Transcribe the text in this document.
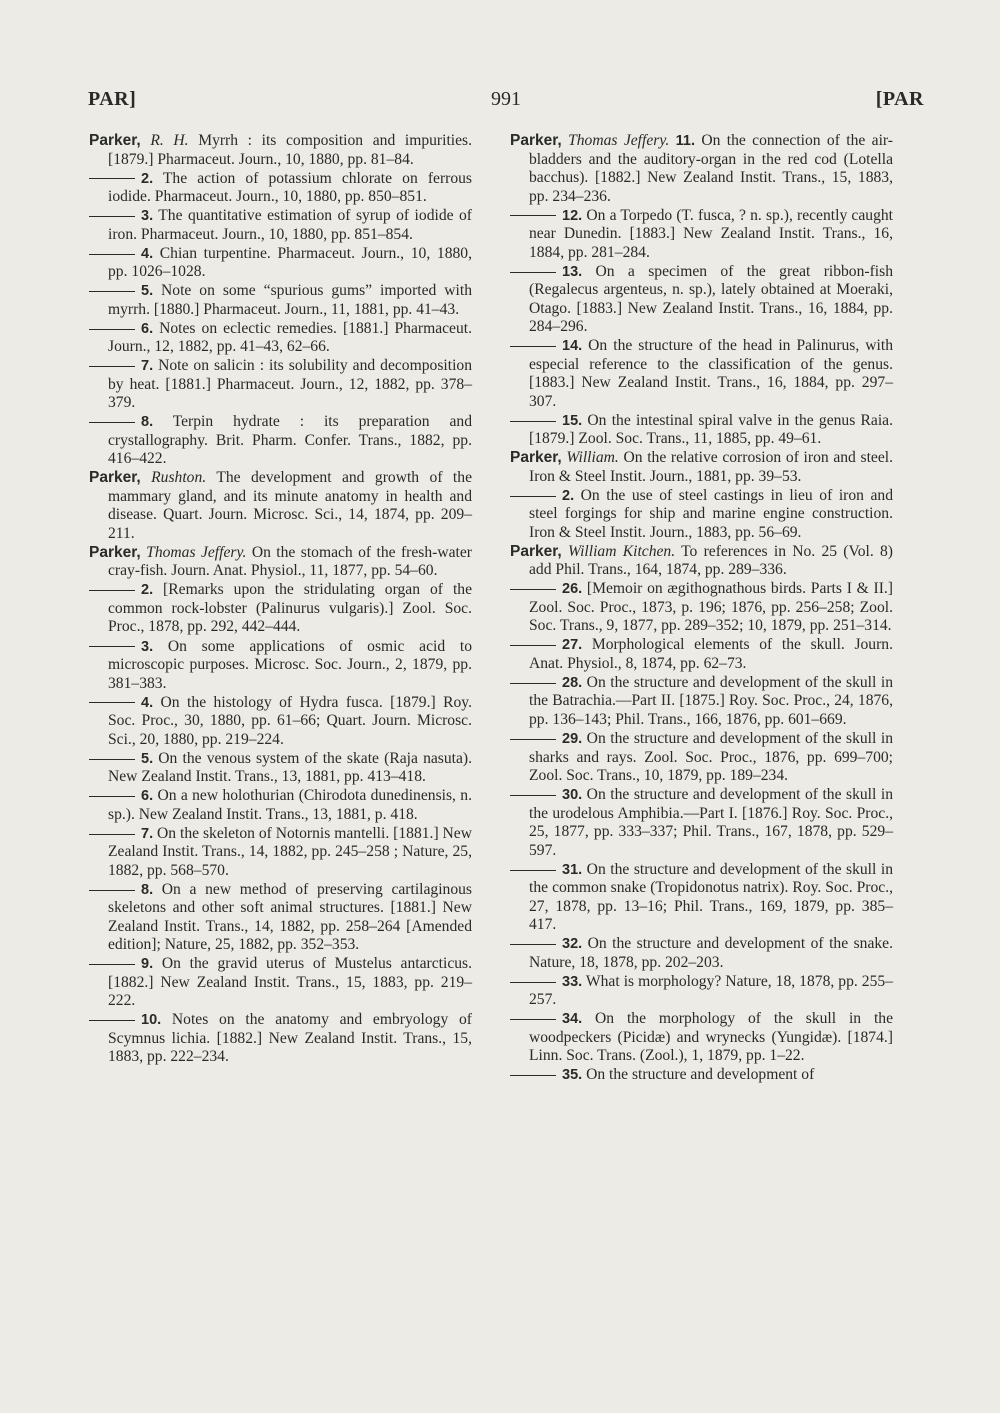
PAR]	991	[PAR

Parker, R. H. Myrrh : its composition and impurities. [1879.] Pharmaceut. Journ., 10, 1880, pp. 81–84.

2. The action of potassium chlorate on ferrous iodide. Pharmaceut. Journ., 10, 1880, pp. 850–851.

3. The quantitative estimation of syrup of iodide of iron. Pharmaceut. Journ., 10, 1880, pp. 851–854.

4. Chian turpentine. Pharmaceut. Journ., 10, 1880, pp. 1026–1028.

5. Note on some “spurious gums” imported with myrrh. [1880.] Pharmaceut. Journ., 11, 1881, pp. 41–43.

6. Notes on eclectic remedies. [1881.] Pharmaceut. Journ., 12, 1882, pp. 41–43, 62–66.

7. Note on salicin : its solubility and decomposition by heat. [1881.] Pharmaceut. Journ., 12, 1882, pp. 378–379.

8. Terpin hydrate : its preparation and crystallography. Brit. Pharm. Confer. Trans., 1882, pp. 416–422.

Parker, Rushton. The development and growth of the mammary gland, and its minute anatomy in health and disease. Quart. Journ. Microsc. Sci., 14, 1874, pp. 209–211.

Parker, Thomas Jeffery. On the stomach of the fresh-water cray-fish. Journ. Anat. Physiol., 11, 1877, pp. 54–60.

2. [Remarks upon the stridulating organ of the common rock-lobster (Palinurus vulgaris).] Zool. Soc. Proc., 1878, pp. 292, 442–444.

3. On some applications of osmic acid to microscopic purposes. Microsc. Soc. Journ., 2, 1879, pp. 381–383.

4. On the histology of Hydra fusca. [1879.] Roy. Soc. Proc., 30, 1880, pp. 61–66; Quart. Journ. Microsc. Sci., 20, 1880, pp. 219–224.

5. On the venous system of the skate (Raja nasuta). New Zealand Instit. Trans., 13, 1881, pp. 413–418.

6. On a new holothurian (Chirodota dunedinensis, n. sp.). New Zealand Instit. Trans., 13, 1881, p. 418.

7. On the skeleton of Notornis mantelli. [1881.] New Zealand Instit. Trans., 14, 1882, pp. 245–258 ; Nature, 25, 1882, pp. 568–570.

8. On a new method of preserving cartilaginous skeletons and other soft animal structures. [1881.] New Zealand Instit. Trans., 14, 1882, pp. 258–264 [Amended edition]; Nature, 25, 1882, pp. 352–353.

9. On the gravid uterus of Mustelus antarcticus. [1882.] New Zealand Instit. Trans., 15, 1883, pp. 219–222.

10. Notes on the anatomy and embryology of Scymnus lichia. [1882.] New Zealand Instit. Trans., 15, 1883, pp. 222–234.

Parker, Thomas Jeffery. 11. On the connection of the air-bladders and the auditory-organ in the red cod (Lotella bacchus). [1882.] New Zealand Instit. Trans., 15, 1883, pp. 234–236.

12. On a Torpedo (T. fusca, ? n. sp.), recently caught near Dunedin. [1883.] New Zealand Instit. Trans., 16, 1884, pp. 281–284.

13. On a specimen of the great ribbon-fish (Regalecus argenteus, n. sp.), lately obtained at Moeraki, Otago. [1883.] New Zealand Instit. Trans., 16, 1884, pp. 284–296.

14. On the structure of the head in Palinurus, with especial reference to the classification of the genus. [1883.] New Zealand Instit. Trans., 16, 1884, pp. 297–307.

15. On the intestinal spiral valve in the genus Raia. [1879.] Zool. Soc. Trans., 11, 1885, pp. 49–61.

Parker, William. On the relative corrosion of iron and steel. Iron & Steel Instit. Journ., 1881, pp. 39–53.

2. On the use of steel castings in lieu of iron and steel forgings for ship and marine engine construction. Iron & Steel Instit. Journ., 1883, pp. 56–69.

Parker, William Kitchen. To references in No. 25 (Vol. 8) add Phil. Trans., 164, 1874, pp. 289–336.

26. [Memoir on ægithognathous birds. Parts I & II.] Zool. Soc. Proc., 1873, p. 196; 1876, pp. 256–258; Zool. Soc. Trans., 9, 1877, pp. 289–352; 10, 1879, pp. 251–314.

27. Morphological elements of the skull. Journ. Anat. Physiol., 8, 1874, pp. 62–73.

28. On the structure and development of the skull in the Batrachia.—Part II. [1875.] Roy. Soc. Proc., 24, 1876, pp. 136–143; Phil. Trans., 166, 1876, pp. 601–669.

29. On the structure and development of the skull in sharks and rays. Zool. Soc. Proc., 1876, pp. 699–700; Zool. Soc. Trans., 10, 1879, pp. 189–234.

30. On the structure and development of the skull in the urodelous Amphibia.—Part I. [1876.] Roy. Soc. Proc., 25, 1877, pp. 333–337; Phil. Trans., 167, 1878, pp. 529–597.

31. On the structure and development of the skull in the common snake (Tropidonotus natrix). Roy. Soc. Proc., 27, 1878, pp. 13–16; Phil. Trans., 169, 1879, pp. 385–417.

32. On the structure and development of the snake. Nature, 18, 1878, pp. 202–203.

33. What is morphology? Nature, 18, 1878, pp. 255–257.

34. On the morphology of the skull in the woodpeckers (Picidæ) and wrynecks (Yungidæ). [1874.] Linn. Soc. Trans. (Zool.), 1, 1879, pp. 1–22.

35. On the structure and development of
